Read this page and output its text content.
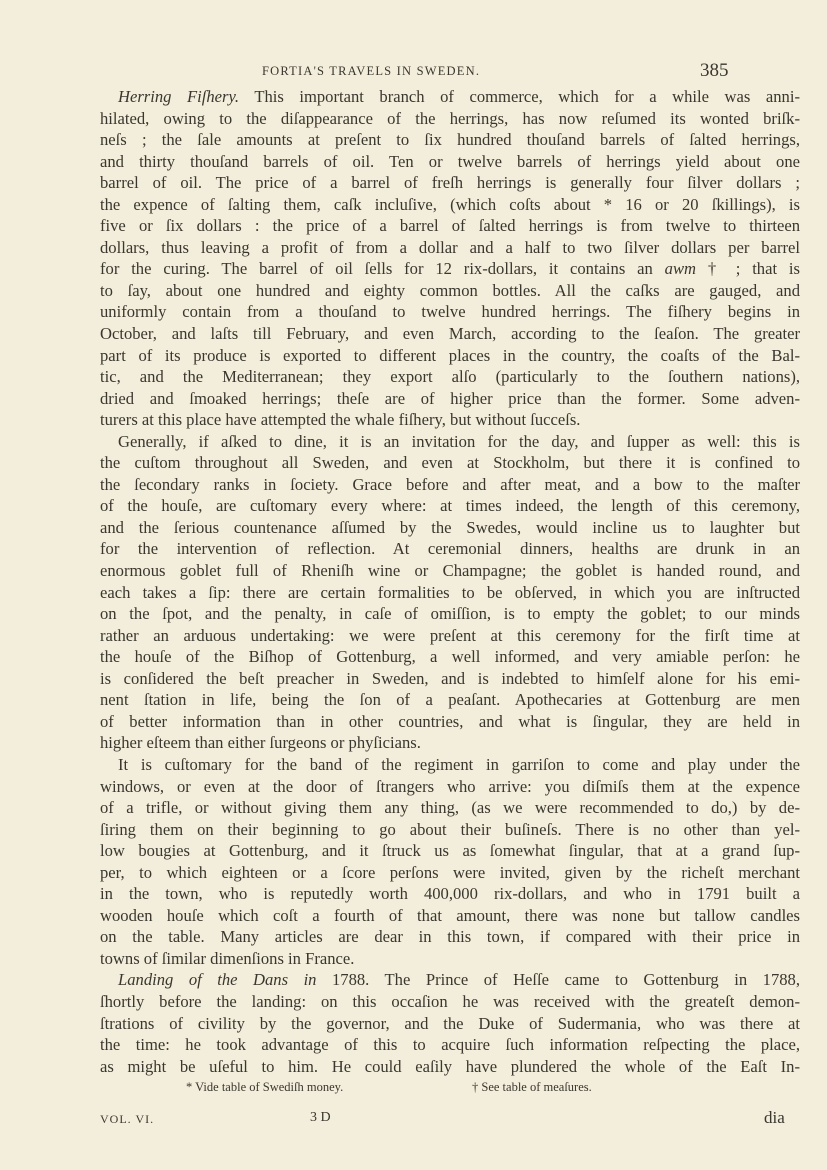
FORTIA'S TRAVELS IN SWEDEN.	385
Herring Fiſhery. This important branch of commerce, which for a while was anni-
hilated, owing to the diſappearance of the herrings, has now reſumed its wonted briſk-
neſs ; the ſale amounts at preſent to ſix hundred thouſand barrels of ſalted herrings,
and thirty thouſand barrels of oil. Ten or twelve barrels of herrings yield about one
barrel of oil. The price of a barrel of freſh herrings is generally four ſilver dollars ;
the expence of ſalting them, caſk incluſive, (which coſts about * 16 or 20 ſkillings), is
five or ſix dollars : the price of a barrel of ſalted herrings is from twelve to thirteen
dollars, thus leaving a profit of from a dollar and a half to two ſilver dollars per barrel
for the curing. The barrel of oil ſells for 12 rix-dollars, it contains an awm † ; that is
to ſay, about one hundred and eighty common bottles. All the caſks are gauged, and
uniformly contain from a thouſand to twelve hundred herrings. The fiſhery begins in
October, and laſts till February, and even March, according to the ſeaſon. The greater
part of its produce is exported to different places in the country, the coaſts of the Bal-
tic, and the Mediterranean; they export alſo (particularly to the ſouthern nations),
dried and ſmoaked herrings; theſe are of higher price than the former. Some adven-
turers at this place have attempted the whale fiſhery, but without ſucceſs.
Generally, if aſked to dine, it is an invitation for the day, and ſupper as well: this is
the cuſtom throughout all Sweden, and even at Stockholm, but there it is confined to
the ſecondary ranks in ſociety. Grace before and after meat, and a bow to the maſter
of the houſe, are cuſtomary every where: at times indeed, the length of this ceremony,
and the ſerious countenance aſſumed by the Swedes, would incline us to laughter but
for the intervention of reflection. At ceremonial dinners, healths are drunk in an
enormous goblet full of Rheniſh wine or Champagne; the goblet is handed round, and
each takes a ſip: there are certain formalities to be obſerved, in which you are inſtructed
on the ſpot, and the penalty, in caſe of omiſſion, is to empty the goblet; to our minds
rather an arduous undertaking: we were preſent at this ceremony for the firſt time at
the houſe of the Biſhop of Gottenburg, a well informed, and very amiable perſon: he
is conſidered the beſt preacher in Sweden, and is indebted to himſelf alone for his emi-
nent ſtation in life, being the ſon of a peaſant. Apothecaries at Gottenburg are men
of better information than in other countries, and what is ſingular, they are held in
higher eſteem than either ſurgeons or phyſicians.
It is cuſtomary for the band of the regiment in garriſon to come and play under the
windows, or even at the door of ſtrangers who arrive: you diſmiſs them at the expence
of a trifle, or without giving them any thing, (as we were recommended to do,) by de-
ſiring them on their beginning to go about their buſineſs. There is no other than yel-
low bougies at Gottenburg, and it ſtruck us as ſomewhat ſingular, that at a grand ſup-
per, to which eighteen or a ſcore perſons were invited, given by the richeſt merchant
in the town, who is reputedly worth 400,000 rix-dollars, and who in 1791 built a
wooden houſe which coſt a fourth of that amount, there was none but tallow candles
on the table. Many articles are dear in this town, if compared with their price in
towns of ſimilar dimenſions in France.
Landing of the Dans in 1788. The Prince of Heſſe came to Gottenburg in 1788,
ſhortly before the landing: on this occaſion he was received with the greateſt demon-
ſtrations of civility by the governor, and the Duke of Sudermania, who was there at
the time: he took advantage of this to acquire ſuch information reſpecting the place,
as might be uſeful to him. He could eaſily have plundered the whole of the Eaſt In-
* Vide table of Swediſh money.	† See table of meaſures.
VOL. VI.	3 D	dia
